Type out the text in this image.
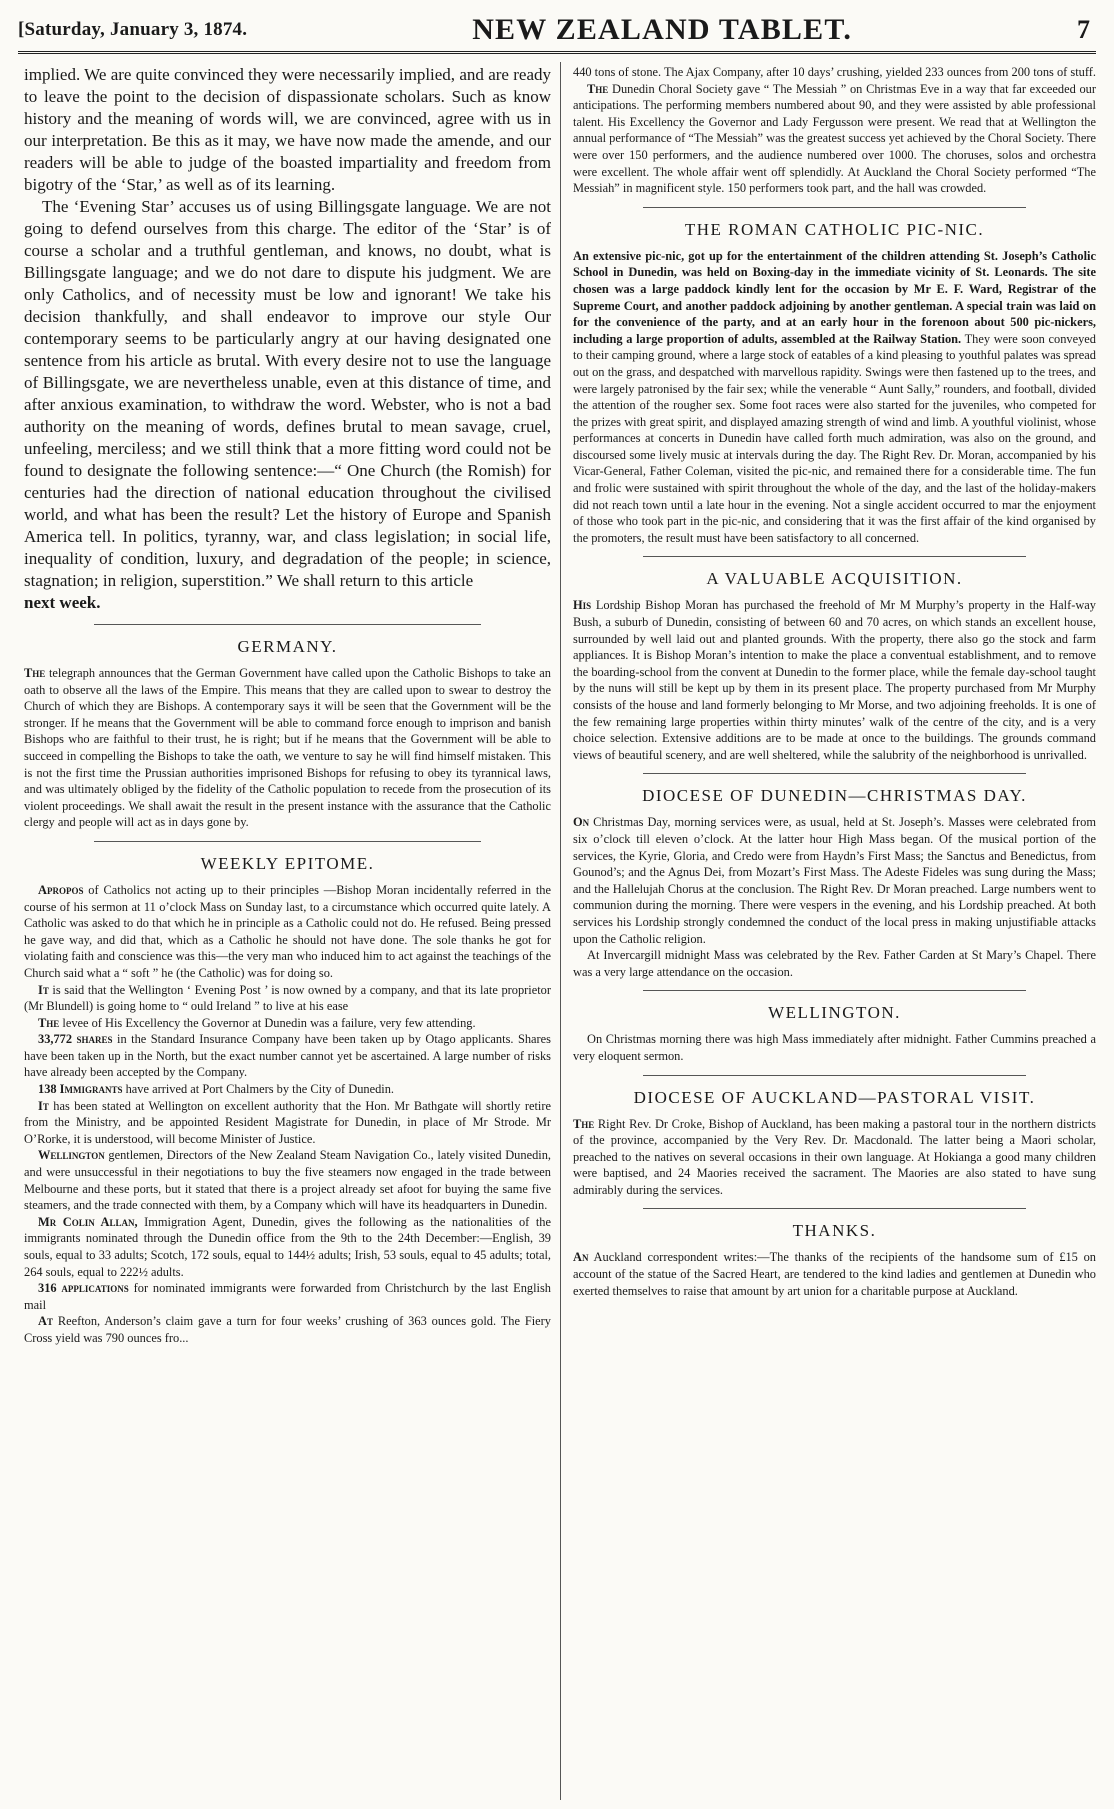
[Saturday, January 3, 1874.	NEW ZEALAND TABLET.	7

implied. We are quite convinced they were necessarily implied, and are ready to leave the point to the decision of dispassionate scholars. Such as know history and the meaning of words will, we are convinced, agree with us in our interpretation. Be this as it may, we have now made the amende, and our readers will be able to judge of the boasted impartiality and freedom from bigotry of the ‘Star,’ as well as of its learning.

The ‘Evening Star’ accuses us of using Billingsgate language. We are not going to defend ourselves from this charge. The editor of the ‘Star’ is of course a scholar and a truthful gentleman, and knows, no doubt, what is Billingsgate language; and we do not dare to dispute his judgment. We are only Catholics, and of necessity must be low and ignorant! We take his decision thankfully, and shall endeavor to improve our style Our contemporary seems to be particularly angry at our having designated one sentence from his article as brutal. With every desire not to use the language of Billingsgate, we are nevertheless unable, even at this distance of time, and after anxious examination, to withdraw the word. Webster, who is not a bad authority on the meaning of words, defines brutal to mean savage, cruel, unfeeling, merciless; and we still think that a more fitting word could not be found to designate the following sentence:—“ One Church (the Romish) for centuries had the direction of national education throughout the civilised world, and what has been the result? Let the history of Europe and Spanish America tell. In politics, tyranny, war, and class legislation; in social life, inequality of condition, luxury, and degradation of the people; in science, stagnation; in religion, superstition.” We shall return to this article

next week.

GERMANY.

The telegraph announces that the German Government have called upon the Catholic Bishops to take an oath to observe all the laws of the Empire. This means that they are called upon to swear to destroy the Church of which they are Bishops. A contemporary says it will be seen that the Government will be the stronger. If he means that the Government will be able to command force enough to imprison and banish Bishops who are faithful to their trust, he is right; but if he means that the Government will be able to succeed in compelling the Bishops to take the oath, we venture to say he will find himself mistaken. This is not the first time the Prussian authorities imprisoned Bishops for refusing to obey its tyrannical laws, and was ultimately obliged by the fidelity of the Catholic population to recede from the prosecution of its violent proceedings. We shall await the result in the present instance with the assurance that the Catholic clergy and people will act as in days gone by.

WEEKLY EPITOME.

Apropos of Catholics not acting up to their principles —Bishop Moran incidentally referred in the course of his sermon at 11 o’clock Mass on Sunday last, to a circumstance which occurred quite lately. A Catholic was asked to do that which he in principle as a Catholic could not do. He refused. Being pressed he gave way, and did that, which as a Catholic he should not have done. The sole thanks he got for violating faith and conscience was this—the very man who induced him to act against the teachings of the Church said what a “ soft ” he (the Catholic) was for doing so.

It is said that the Wellington ‘ Evening Post ’ is now owned by a company, and that its late proprietor (Mr Blundell) is going home to “ ould Ireland ” to live at his ease

The levee of His Excellency the Governor at Dunedin was a failure, very few attending.

33,772 shares in the Standard Insurance Company have been taken up by Otago applicants. Shares have been taken up in the North, but the exact number cannot yet be ascertained. A large number of risks have already been accepted by the Company.

138 Immigrants have arrived at Port Chalmers by the City of Dunedin.

It has been stated at Wellington on excellent authority that the Hon. Mr Bathgate will shortly retire from the Ministry, and be appointed Resident Magistrate for Dunedin, in place of Mr Strode. Mr O’Rorke, it is understood, will become Minister of Justice.

Wellington gentlemen, Directors of the New Zealand Steam Navigation Co., lately visited Dunedin, and were unsuccessful in their negotiations to buy the five steamers now engaged in the trade between Melbourne and these ports, but it stated that there is a project already set afoot for buying the same five steamers, and the trade connected with them, by a Company which will have its headquarters in Dunedin.

Mr Colin Allan, Immigration Agent, Dunedin, gives the following as the nationalities of the immigrants nominated through the Dunedin office from the 9th to the 24th December:—English, 39 souls, equal to 33 adults; Scotch, 172 souls, equal to 144½ adults; Irish, 53 souls, equal to 45 adults; total, 264 souls, equal to 222½ adults.

316 applications for nominated immigrants were forwarded from Christchurch by the last English mail

At Reefton, Anderson’s claim gave a turn for four weeks’ crushing of 363 ounces gold. The Fiery Cross yield was 790 ounces fro...

440 tons of stone. The Ajax Company, after 10 days’ crushing, yielded 233 ounces from 200 tons of stuff.

The Dunedin Choral Society gave “ The Messiah ” on Christmas Eve in a way that far exceeded our anticipations. The performing members numbered about 90, and they were assisted by able professional talent. His Excellency the Governor and Lady Fergusson were present. We read that at Wellington the annual performance of “The Messiah” was the greatest success yet achieved by the Choral Society. There were over 150 performers, and the audience numbered over 1000. The choruses, solos and orchestra were excellent. The whole affair went off splendidly. At Auckland the Choral Society performed “The Messiah” in magnificent style. 150 performers took part, and the hall was crowded.

THE ROMAN CATHOLIC PIC-NIC.

An extensive pic-nic, got up for the entertainment of the children attending St. Joseph’s Catholic School in Dunedin, was held on Boxing-day in the immediate vicinity of St. Leonards. The site chosen was a large paddock kindly lent for the occasion by Mr E. F. Ward, Registrar of the Supreme Court, and another paddock adjoining by another gentleman. A special train was laid on for the convenience of the party, and at an early hour in the forenoon about 500 pic-nickers, including a large proportion of adults, assembled at the Railway Station. They were soon conveyed to their camping ground, where a large stock of eatables of a kind pleasing to youthful palates was spread out on the grass, and despatched with marvellous rapidity. Swings were then fastened up to the trees, and were largely patronised by the fair sex; while the venerable “ Aunt Sally,” rounders, and football, divided the attention of the rougher sex. Some foot races were also started for the juveniles, who competed for the prizes with great spirit, and displayed amazing strength of wind and limb. A youthful violinist, whose performances at concerts in Dunedin have called forth much admiration, was also on the ground, and discoursed some lively music at intervals during the day. The Right Rev. Dr. Moran, accompanied by his Vicar-General, Father Coleman, visited the pic-nic, and remained there for a considerable time. The fun and frolic were sustained with spirit throughout the whole of the day, and the last of the holiday-makers did not reach town until a late hour in the evening. Not a single accident occurred to mar the enjoyment of those who took part in the pic-nic, and considering that it was the first affair of the kind organised by the promoters, the result must have been satisfactory to all concerned.

A VALUABLE ACQUISITION.

His Lordship Bishop Moran has purchased the freehold of Mr M Murphy’s property in the Half-way Bush, a suburb of Dunedin, consisting of between 60 and 70 acres, on which stands an excellent house, surrounded by well laid out and planted grounds. With the property, there also go the stock and farm appliances. It is Bishop Moran’s intention to make the place a conventual establishment, and to remove the boarding-school from the convent at Dunedin to the former place, while the female day-school taught by the nuns will still be kept up by them in its present place. The property purchased from Mr Murphy consists of the house and land formerly belonging to Mr Morse, and two adjoining freeholds. It is one of the few remaining large properties within thirty minutes’ walk of the centre of the city, and is a very choice selection. Extensive additions are to be made at once to the buildings. The grounds command views of beautiful scenery, and are well sheltered, while the salubrity of the neighborhood is unrivalled.

DIOCESE OF DUNEDIN—CHRISTMAS DAY.

On Christmas Day, morning services were, as usual, held at St. Joseph’s. Masses were celebrated from six o’clock till eleven o’clock. At the latter hour High Mass began. Of the musical portion of the services, the Kyrie, Gloria, and Credo were from Haydn’s First Mass; the Sanctus and Benedictus, from Gounod’s; and the Agnus Dei, from Mozart’s First Mass. The Adeste Fideles was sung during the Mass; and the Hallelujah Chorus at the conclusion. The Right Rev. Dr Moran preached. Large numbers went to communion during the morning. There were vespers in the evening, and his Lordship preached. At both services his Lordship strongly condemned the conduct of the local press in making unjustifiable attacks upon the Catholic religion.

At Invercargill midnight Mass was celebrated by the Rev. Father Carden at St Mary’s Chapel. There was a very large attendance on the occasion.

WELLINGTON.

On Christmas morning there was high Mass immediately after midnight. Father Cummins preached a very eloquent sermon.

DIOCESE OF AUCKLAND—PASTORAL VISIT.

The Right Rev. Dr Croke, Bishop of Auckland, has been making a pastoral tour in the northern districts of the province, accompanied by the Very Rev. Dr. Macdonald. The latter being a Maori scholar, preached to the natives on several occasions in their own language. At Hokianga a good many children were baptised, and 24 Maories received the sacrament. The Maories are also stated to have sung admirably during the services.

THANKS.

An Auckland correspondent writes:—The thanks of the recipients of the handsome sum of £15 on account of the statue of the Sacred Heart, are tendered to the kind ladies and gentlemen at Dunedin who exerted themselves to raise that amount by art union for a charitable purpose at Auckland.
